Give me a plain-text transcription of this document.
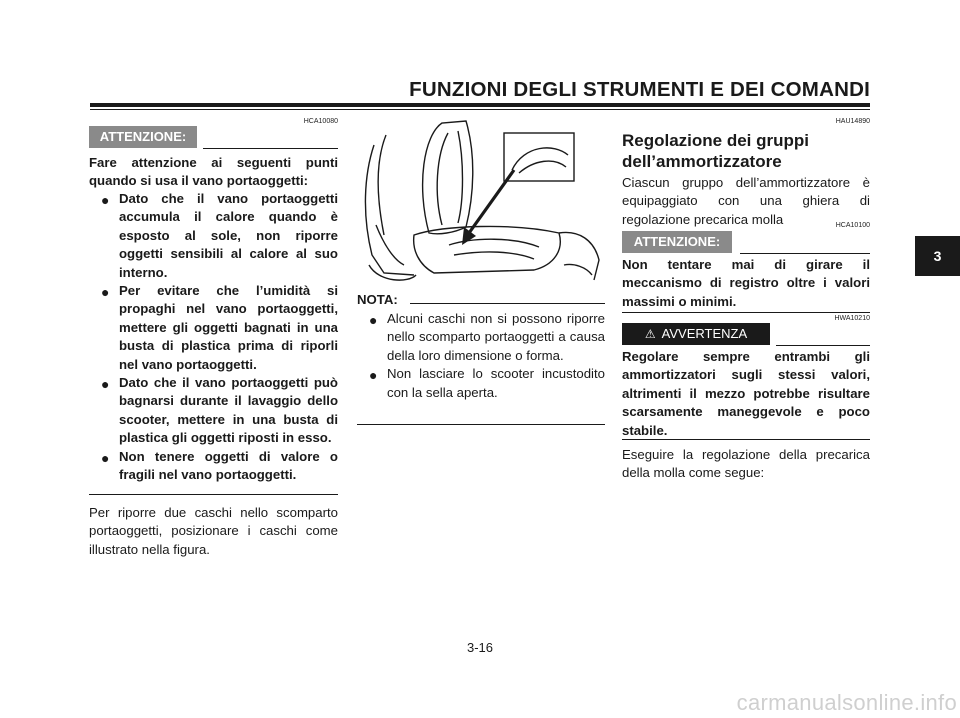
FUNZIONI DEGLI STRUMENTI E DEI COMANDI
3
HCA10080
ATTENZIONE:
Fare attenzione ai seguenti punti quando si usa il vano portaoggetti:
● Dato che il vano portaoggetti accumula il calore quando è esposto al sole, non riporre oggetti sensibili al calore al suo interno.
● Per evitare che l’umidità si propaghi nel vano portaoggetti, mettere gli oggetti bagnati in una busta di plastica prima di riporli nel vano portaoggetti.
● Dato che il vano portaoggetti può bagnarsi durante il lavaggio dello scooter, mettere in una busta di plastica gli oggetti riposti in esso.
● Non tenere oggetti di valore o fragili nel vano portaoggetti.
Per riporre due caschi nello scomparto portaoggetti, posizionare i caschi come illustrato nella figura.
NOTA:
● Alcuni caschi non si possono riporre nello scomparto portaoggetti a causa della loro dimensione o forma.
● Non lasciare lo scooter incustodito con la sella aperta.
HAU14890
Regolazione dei gruppi
dell’ammortizzatore
Ciascun gruppo dell’ammortizzatore è equipaggiato con una ghiera di regolazione precarica molla	HCA10100
ATTENZIONE:
Non tentare mai di girare il meccanismo di registro oltre i valori massimi o minimi.
HWA10210
⚠ AVVERTENZA
Regolare sempre entrambi gli ammortizzatori sugli stessi valori, altrimenti il mezzo potrebbe risultare scarsamente maneggevole e poco stabile.
Eseguire la regolazione della precarica della molla come segue:
3-16
carmanualsonline.info
